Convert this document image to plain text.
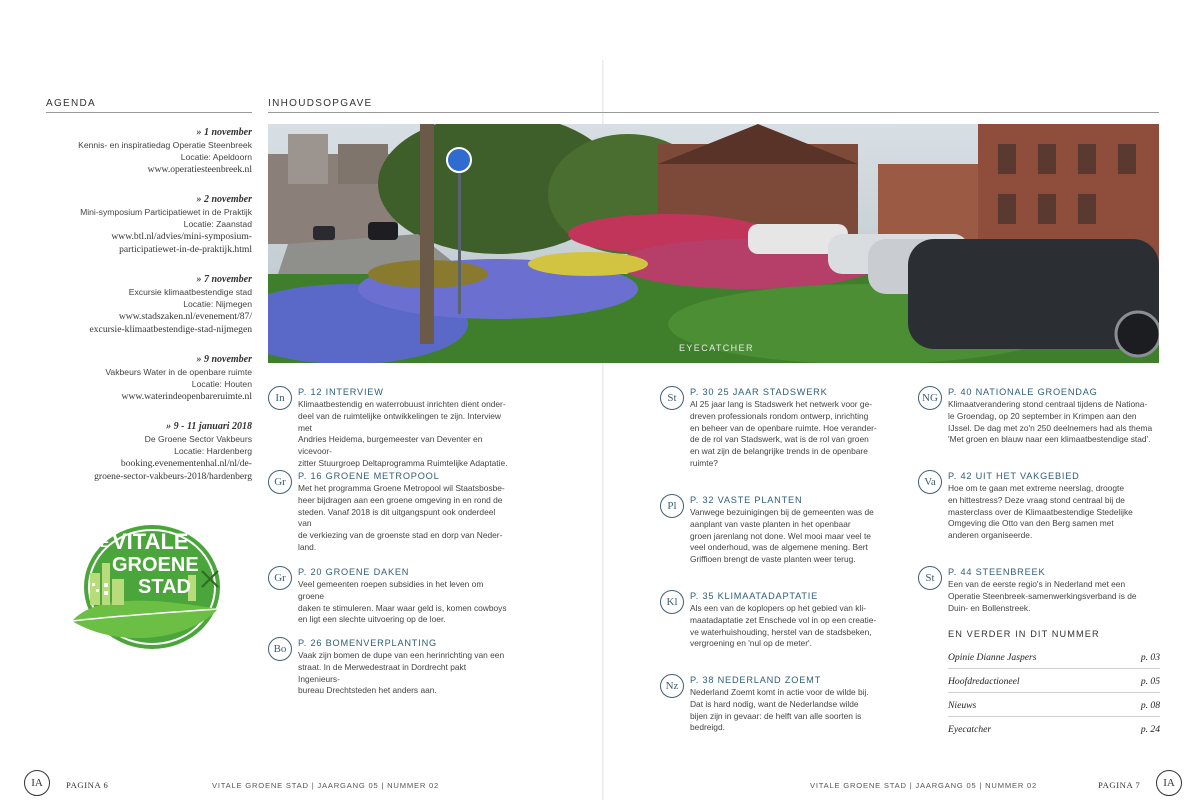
AGENDA	INHOUDSOPGAVE
» 1 november
Kennis- en inspiratiedag Operatie Steenbreek
Locatie: Apeldoorn
www.operatiesteenbreek.nl
» 2 november
Mini-symposium Participatiewet in de Praktijk
Locatie: Zaanstad
www.btl.nl/advies/mini-symposium-
participatiewet-in-de-praktijk.html
» 7 november
Excursie klimaatbestendige stad
Locatie: Nijmegen
www.stadszaken.nl/evenement/87/
excursie-klimaatbestendige-stad-nijmegen
» 9 november
Vakbeurs Water in de openbare ruimte
Locatie: Houten
www.waterindeopenbareruimte.nl
» 9 - 11 januari 2018
De Groene Sector Vakbeurs
Locatie: Hardenberg
booking.evenementenhal.nl/nl/de-
groene-sector-vakbeurs-2018/hardenberg
DE VITALE
GROENE
STAD
EYECATCHER
In	P. 12 INTERVIEW
Klimaatbestendig en waterrobuust inrichten dient onder-
deel van de ruimtelijke ontwikkelingen te zijn. Interview met
Andries Heidema, burgemeester van Deventer en vicevoor-
zitter Stuurgroep Deltaprogramma Ruimtelijke Adaptatie.
Gr	P. 16 GROENE METROPOOL
Met het programma Groene Metropool wil Staatsbosbe-
heer bijdragen aan een groene omgeving in en rond de
steden. Vanaf 2018 is dit uitgangspunt ook onderdeel van
de verkiezing van de groenste stad en dorp van Neder-
land.
Gr	P. 20 GROENE DAKEN
Veel gemeenten roepen subsidies in het leven om groene
daken te stimuleren. Maar waar geld is, komen cowboys
en ligt een slechte uitvoering op de loer.
Bo	P. 26 BOMENVERPLANTING
Vaak zijn bomen de dupe van een herinrichting van een
straat. In de Merwedestraat in Dordrecht pakt Ingenieurs-
bureau Drechtsteden het anders aan.
St	P. 30 25 JAAR STADSWERK
Al 25 jaar lang is Stadswerk het netwerk voor ge-
dreven professionals rondom ontwerp, inrichting
en beheer van de openbare ruimte. Hoe verander-
de de rol van Stadswerk, wat is de rol van groen
en wat zijn de belangrijke trends in de openbare
ruimte?
Pl	P. 32 VASTE PLANTEN
Vanwege bezuinigingen bij de gemeenten was de
aanplant van vaste planten in het openbaar
groen jarenlang not done. Wel mooi maar veel te
veel onderhoud, was de algemene mening. Bert
Griffioen brengt de vaste planten weer terug.
Kl	P. 35 KLIMAATADAPTATIE
Als een van de koplopers op het gebied van kli-
maatadaptatie zet Enschede vol in op een creatie-
ve waterhuishouding, herstel van de stadsbeken,
vergroening en 'nul op de meter'.
Nz	P. 38 NEDERLAND ZOEMT
Nederland Zoemt komt in actie voor de wilde bij.
Dat is hard nodig, want de Nederlandse wilde
bijen zijn in gevaar: de helft van alle soorten is
bedreigd.
NG	P. 40 NATIONALE GROENDAG
Klimaatverandering stond centraal tijdens de Nationa-
le Groendag, op 20 september in Krimpen aan den
IJssel. De dag met zo'n 250 deelnemers had als thema
'Met groen en blauw naar een klimaatbestendige stad'.
Va	P. 42 UIT HET VAKGEBIED
Hoe om te gaan met extreme neerslag, droogte
en hittestress? Deze vraag stond centraal bij de
masterclass over de Klimaatbestendige Stedelijke
Omgeving die Otto van den Berg samen met
anderen organiseerde.
St	P. 44 STEENBREEK
Een van de eerste regio's in Nederland met een
Operatie Steenbreek-samenwerkingsverband is de
Duin- en Bollenstreek.
EN VERDER IN DIT NUMMER
Opinie Dianne Jaspers	p. 03
Hoofdredactioneel	p. 05
Nieuws	p. 08
Eyecatcher	p. 24
IA	PAGINA 6	VITALE GROENE STAD | JAARGANG 05 | NUMMER 02	VITALE GROENE STAD | JAARGANG 05 | NUMMER 02	PAGINA 7	IA
